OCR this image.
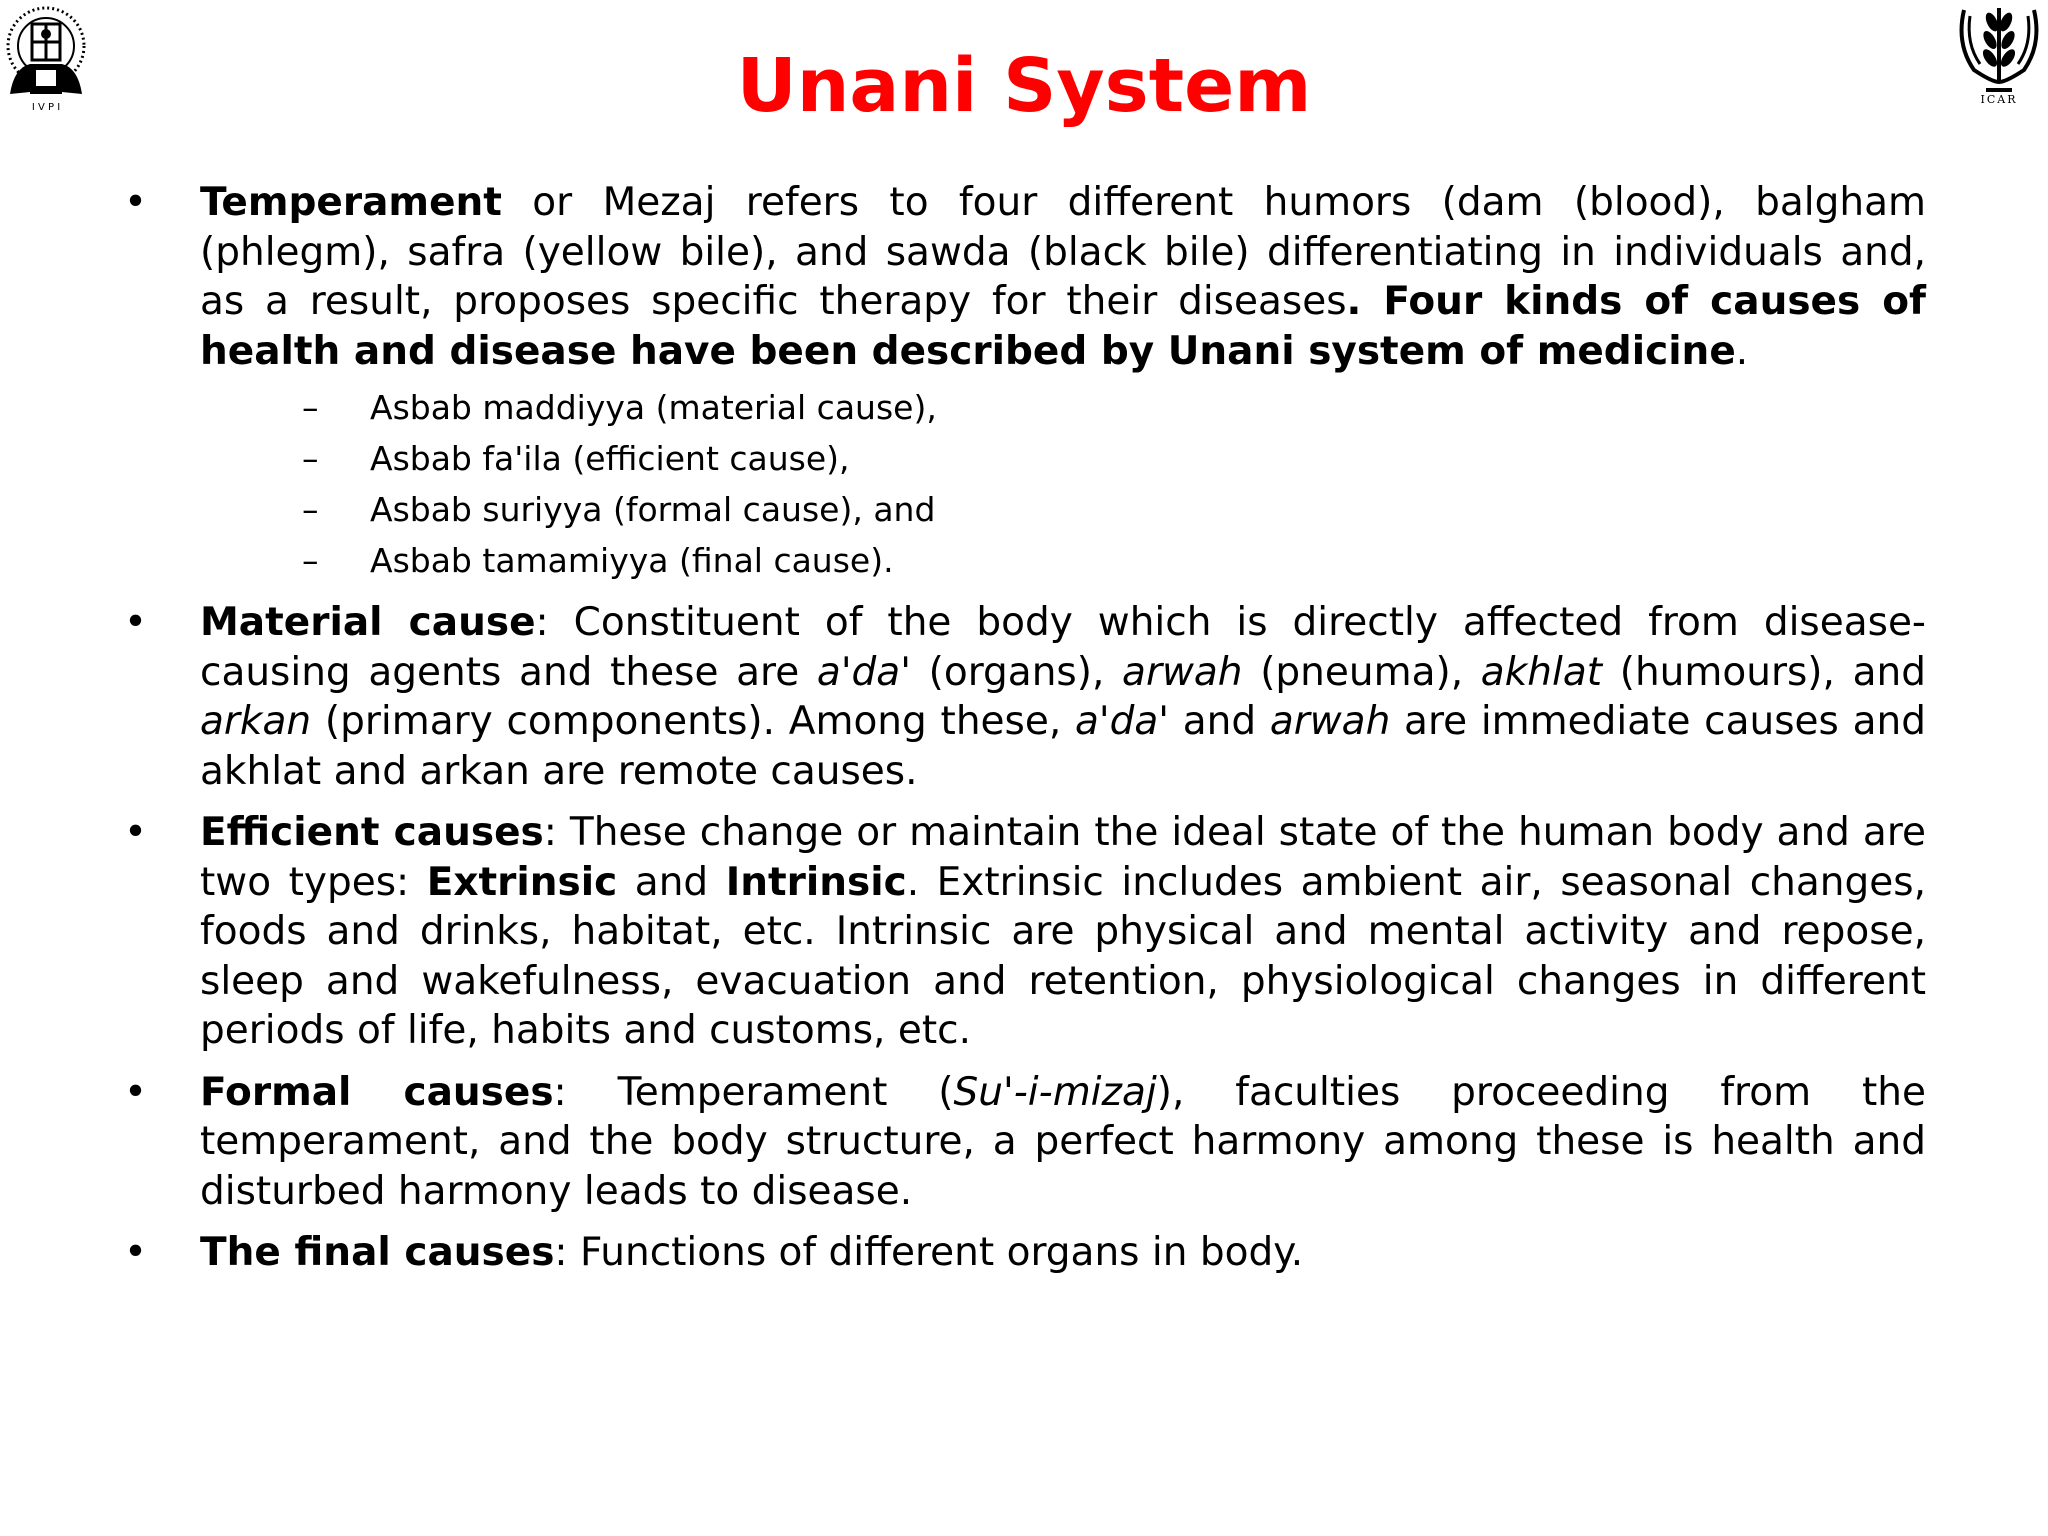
I V P I
ICAR
Unani System
• Temperament or Mezaj refers to four different humors (dam (blood), balgham (phlegm), safra (yellow bile), and sawda (black bile) differentiating in individuals and, as a result, proposes specific therapy for their diseases. Four kinds of causes of health and disease have been described by Unani system of medicine.
– Asbab maddiyya (material cause),
– Asbab fa'ila (efficient cause),
– Asbab suriyya (formal cause), and
– Asbab tamamiyya (final cause).
• Material cause: Constituent of the body which is directly affected from disease-causing agents and these are a'da' (organs), arwah (pneuma), akhlat (humours), and arkan (primary components). Among these, a'da' and arwah are immediate causes and akhlat and arkan are remote causes.
• Efficient causes: These change or maintain the ideal state of the human body and are two types: Extrinsic and Intrinsic. Extrinsic includes ambient air, seasonal changes, foods and drinks, habitat, etc. Intrinsic are physical and mental activity and repose, sleep and wakefulness, evacuation and retention, physiological changes in different periods of life, habits and customs, etc.
• Formal causes: Temperament (Su'-i-mizaj), faculties proceeding from the temperament, and the body structure, a perfect harmony among these is health and disturbed harmony leads to disease.
• The final causes: Functions of different organs in body.
